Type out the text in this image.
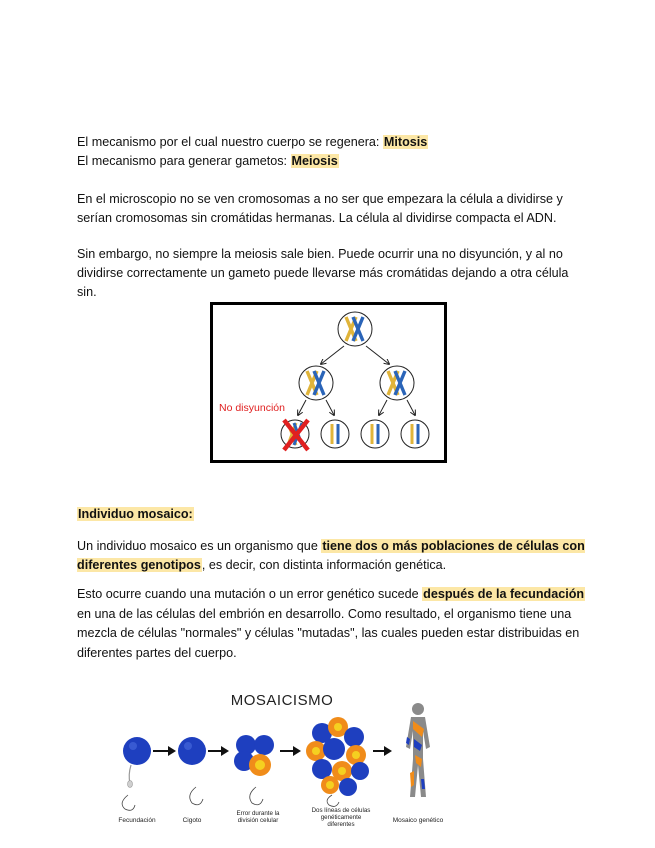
El mecanismo por el cual nuestro cuerpo se regenera: Mitosis

El mecanismo para generar gametos: Meiosis

En el microscopio no se ven cromosomas a no ser que empezara la célula a dividirse y serían cromosomas sin cromátidas hermanas. La célula al dividirse compacta el ADN.

Sin embargo, no siempre la meiosis sale bien. Puede ocurrir una no disyunción, y al no dividirse correctamente un gameto puede llevarse más cromátidas dejando a otra célula sin.

No disyunción

Individuo mosaico:

Un individuo mosaico es un organismo que tiene dos o más poblaciones de células con diferentes genotipos, es decir, con distinta información genética.

Esto ocurre cuando una mutación o un error genético sucede después de la fecundación en una de las células del embrión en desarrollo. Como resultado, el organismo tiene una mezcla de células "normales" y células "mutadas", las cuales pueden estar distribuidas en diferentes partes del cuerpo.

MOSAICISMO
Fecundación	Cigoto
Error durante la división celular
Dos líneas de células genéticamente diferentes
Mosaico genético
